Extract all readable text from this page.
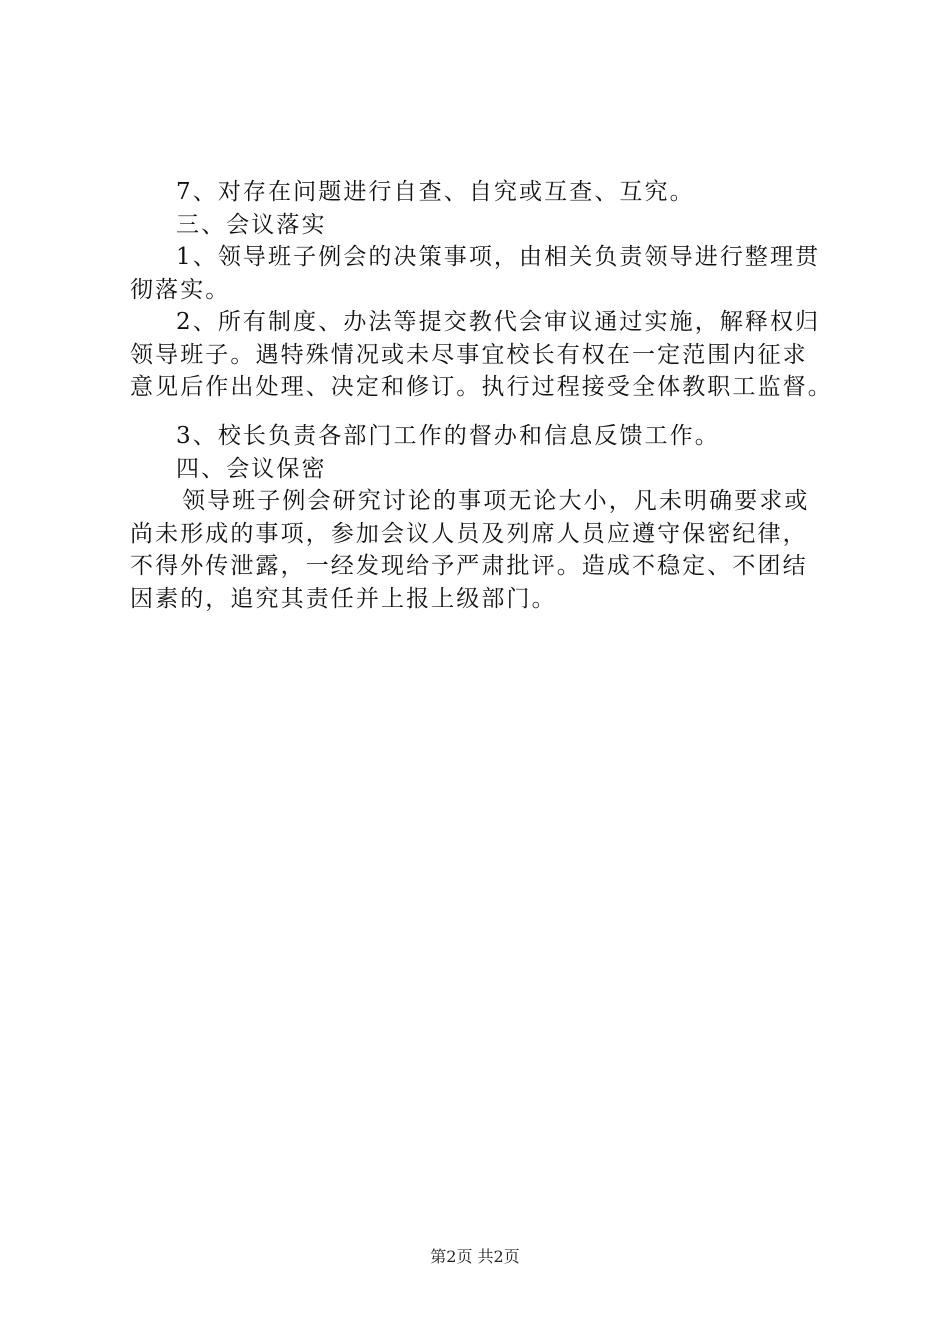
7、对存在问题进行自查、自究或互查、互究。
三、会议落实
1、领导班子例会的决策事项，由相关负责领导进行整理贯
彻落实。
2、所有制度、办法等提交教代会审议通过实施，解释权归
领导班子。遇特殊情况或未尽事宜校长有权在一定范围内征求
意见后作出处理、决定和修订。执行过程接受全体教职工监督。
3、校长负责各部门工作的督办和信息反馈工作。
四、会议保密
领导班子例会研究讨论的事项无论大小，凡未明确要求或
尚未形成的事项，参加会议人员及列席人员应遵守保密纪律，
不得外传泄露，一经发现给予严肃批评。造成不稳定、不团结
因素的，追究其责任并上报上级部门。
第2页 共2页
